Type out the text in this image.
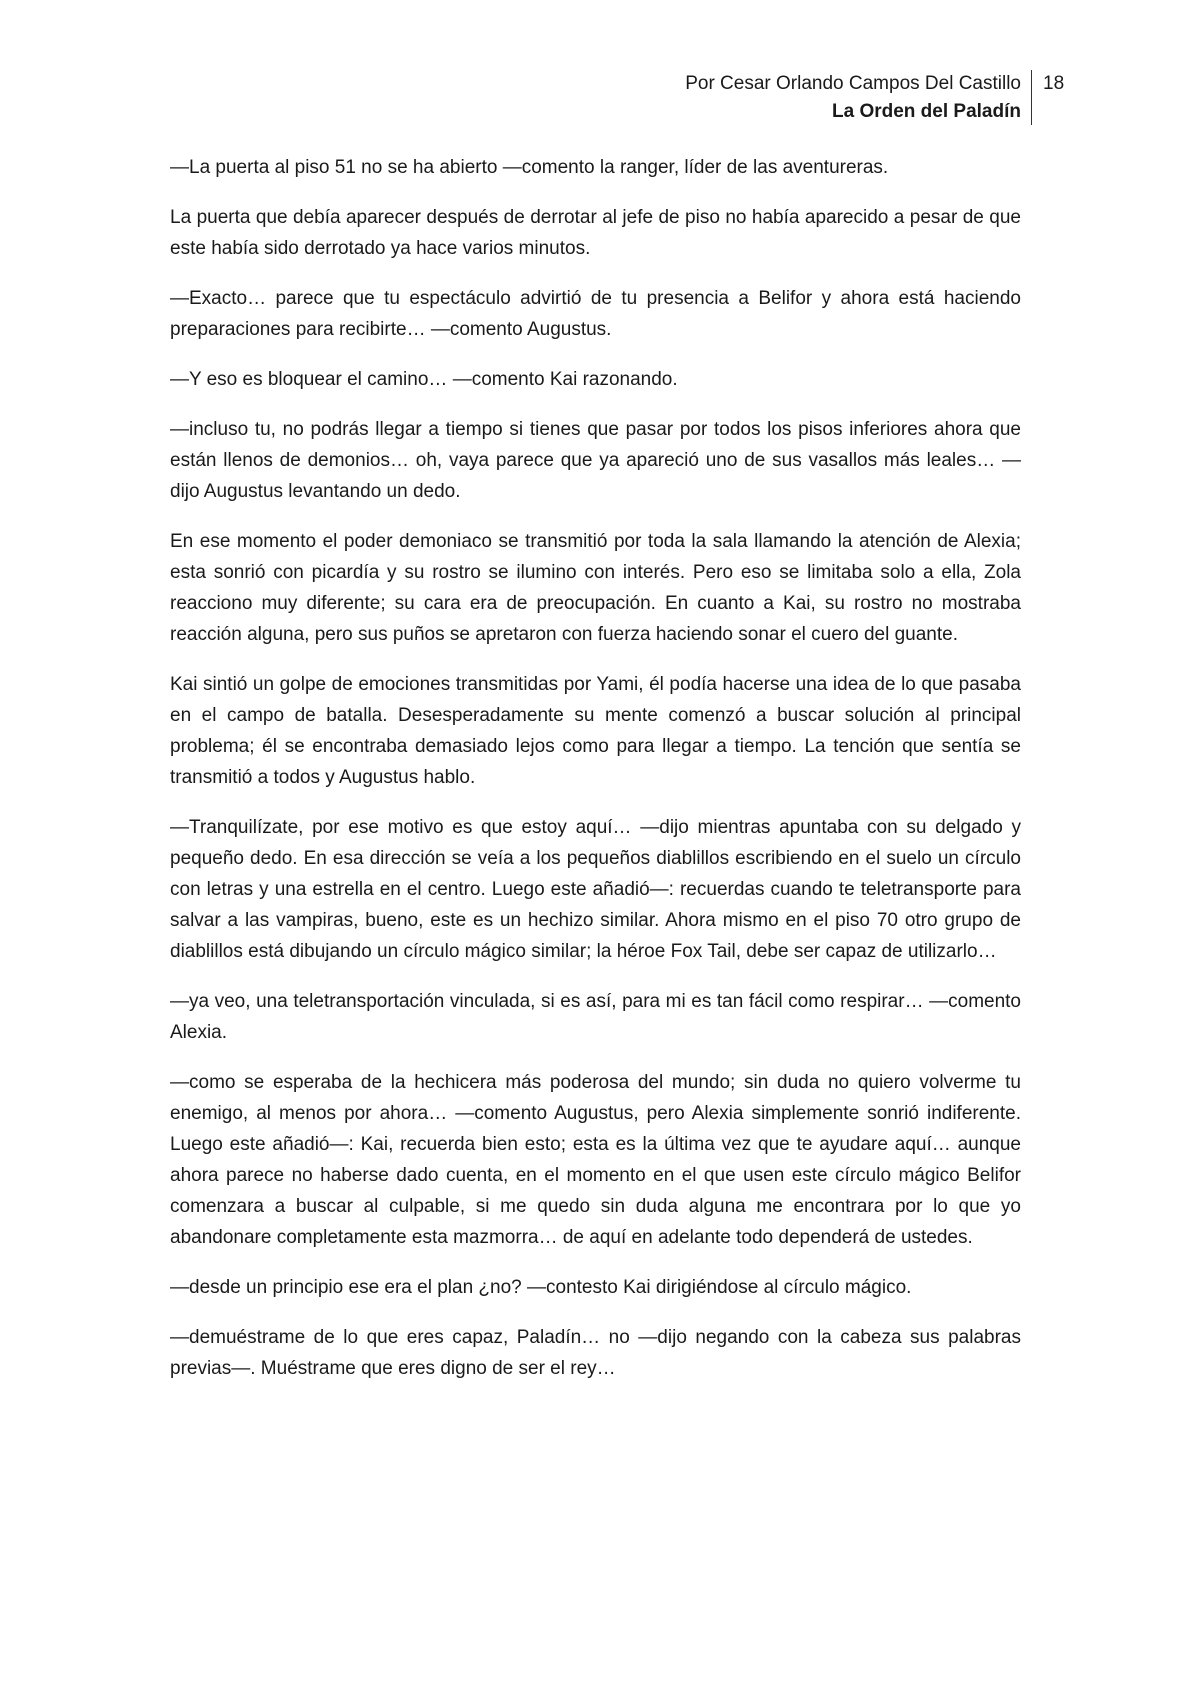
Por Cesar Orlando Campos Del Castillo
La Orden del Paladín
18

—La puerta al piso 51 no se ha abierto —comento la ranger, líder de las aventureras.

La puerta que debía aparecer después de derrotar al jefe de piso no había aparecido a pesar de que este había sido derrotado ya hace varios minutos.

—Exacto… parece que tu espectáculo advirtió de tu presencia a Belifor y ahora está haciendo preparaciones para recibirte… —comento Augustus.

—Y eso es bloquear el camino… —comento Kai razonando.

—incluso tu, no podrás llegar a tiempo si tienes que pasar por todos los pisos inferiores ahora que están llenos de demonios… oh, vaya parece que ya apareció uno de sus vasallos más leales… —dijo Augustus levantando un dedo.

En ese momento el poder demoniaco se transmitió por toda la sala llamando la atención de Alexia; esta sonrió con picardía y su rostro se ilumino con interés. Pero eso se limitaba solo a ella, Zola reacciono muy diferente; su cara era de preocupación. En cuanto a Kai, su rostro no mostraba reacción alguna, pero sus puños se apretaron con fuerza haciendo sonar el cuero del guante.

Kai sintió un golpe de emociones transmitidas por Yami, él podía hacerse una idea de lo que pasaba en el campo de batalla. Desesperadamente su mente comenzó a buscar solución al principal problema; él se encontraba demasiado lejos como para llegar a tiempo. La tención que sentía se transmitió a todos y Augustus hablo.

—Tranquilízate, por ese motivo es que estoy aquí… —dijo mientras apuntaba con su delgado y pequeño dedo. En esa dirección se veía a los pequeños diablillos escribiendo en el suelo un círculo con letras y una estrella en el centro. Luego este añadió—: recuerdas cuando te teletransporte para salvar a las vampiras, bueno, este es un hechizo similar. Ahora mismo en el piso 70 otro grupo de diablillos está dibujando un círculo mágico similar; la héroe Fox Tail, debe ser capaz de utilizarlo…

—ya veo, una teletransportación vinculada, si es así, para mi es tan fácil como respirar… —comento Alexia.

—como se esperaba de la hechicera más poderosa del mundo; sin duda no quiero volverme tu enemigo, al menos por ahora… —comento Augustus, pero Alexia simplemente sonrió indiferente. Luego este añadió—: Kai, recuerda bien esto; esta es la última vez que te ayudare aquí… aunque ahora parece no haberse dado cuenta, en el momento en el que usen este círculo mágico Belifor comenzara a buscar al culpable, si me quedo sin duda alguna me encontrara por lo que yo abandonare completamente esta mazmorra… de aquí en adelante todo dependerá de ustedes.

—desde un principio ese era el plan ¿no? —contesto Kai dirigiéndose al círculo mágico.

—demuéstrame de lo que eres capaz, Paladín… no —dijo negando con la cabeza sus palabras previas—. Muéstrame que eres digno de ser el rey…
